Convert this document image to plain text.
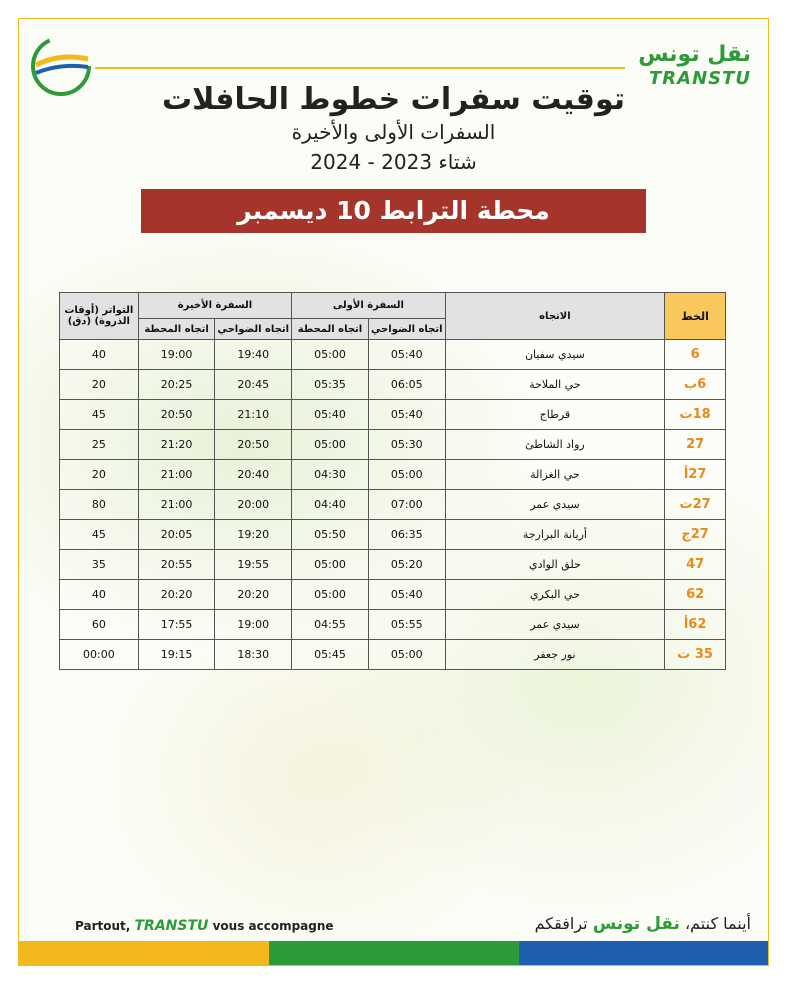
نقل تونس
TRANSTU
توقيت سفرات خطوط الحافلات
السفرات الأولى والأخيرة
شتاء 2023 - 2024
محطة الترابط 10 ديسمبر
الخط	الاتجاه	السفرة الأولى		السفرة الأخيرة		التواتر (أوقات الذروة) (دق)
		اتجاه الضواحي	اتجاه المحطة	اتجاه الضواحي	اتجاه المحطة	
6	سيدي سفيان	05:40	05:00	19:40	19:00	40
6ب	حي الملاحة	06:05	05:35	20:45	20:25	20
18ت	قرطاج	05:40	05:40	21:10	20:50	45
27	رواد الشاطئ	05:30	05:00	20:50	21:20	25
27أ	حي الغزالة	05:00	04:30	20:40	21:00	20
27ت	سيدي عمر	07:00	04:40	20:00	21:00	80
27ج	أريانة البرارجة	06:35	05:50	19:20	20:05	45
47	حلق الوادي	05:20	05:00	19:55	20:55	35
62	حي البكري	05:40	05:00	20:20	20:20	40
62أ	سيدي عمر	05:55	04:55	19:00	17:55	60
35 ت	نور جعفر	05:00	05:45	18:30	19:15	00:00
Partout, TRANSTU vous accompagne	أينما كنتم، نقل تونس ترافقكم
